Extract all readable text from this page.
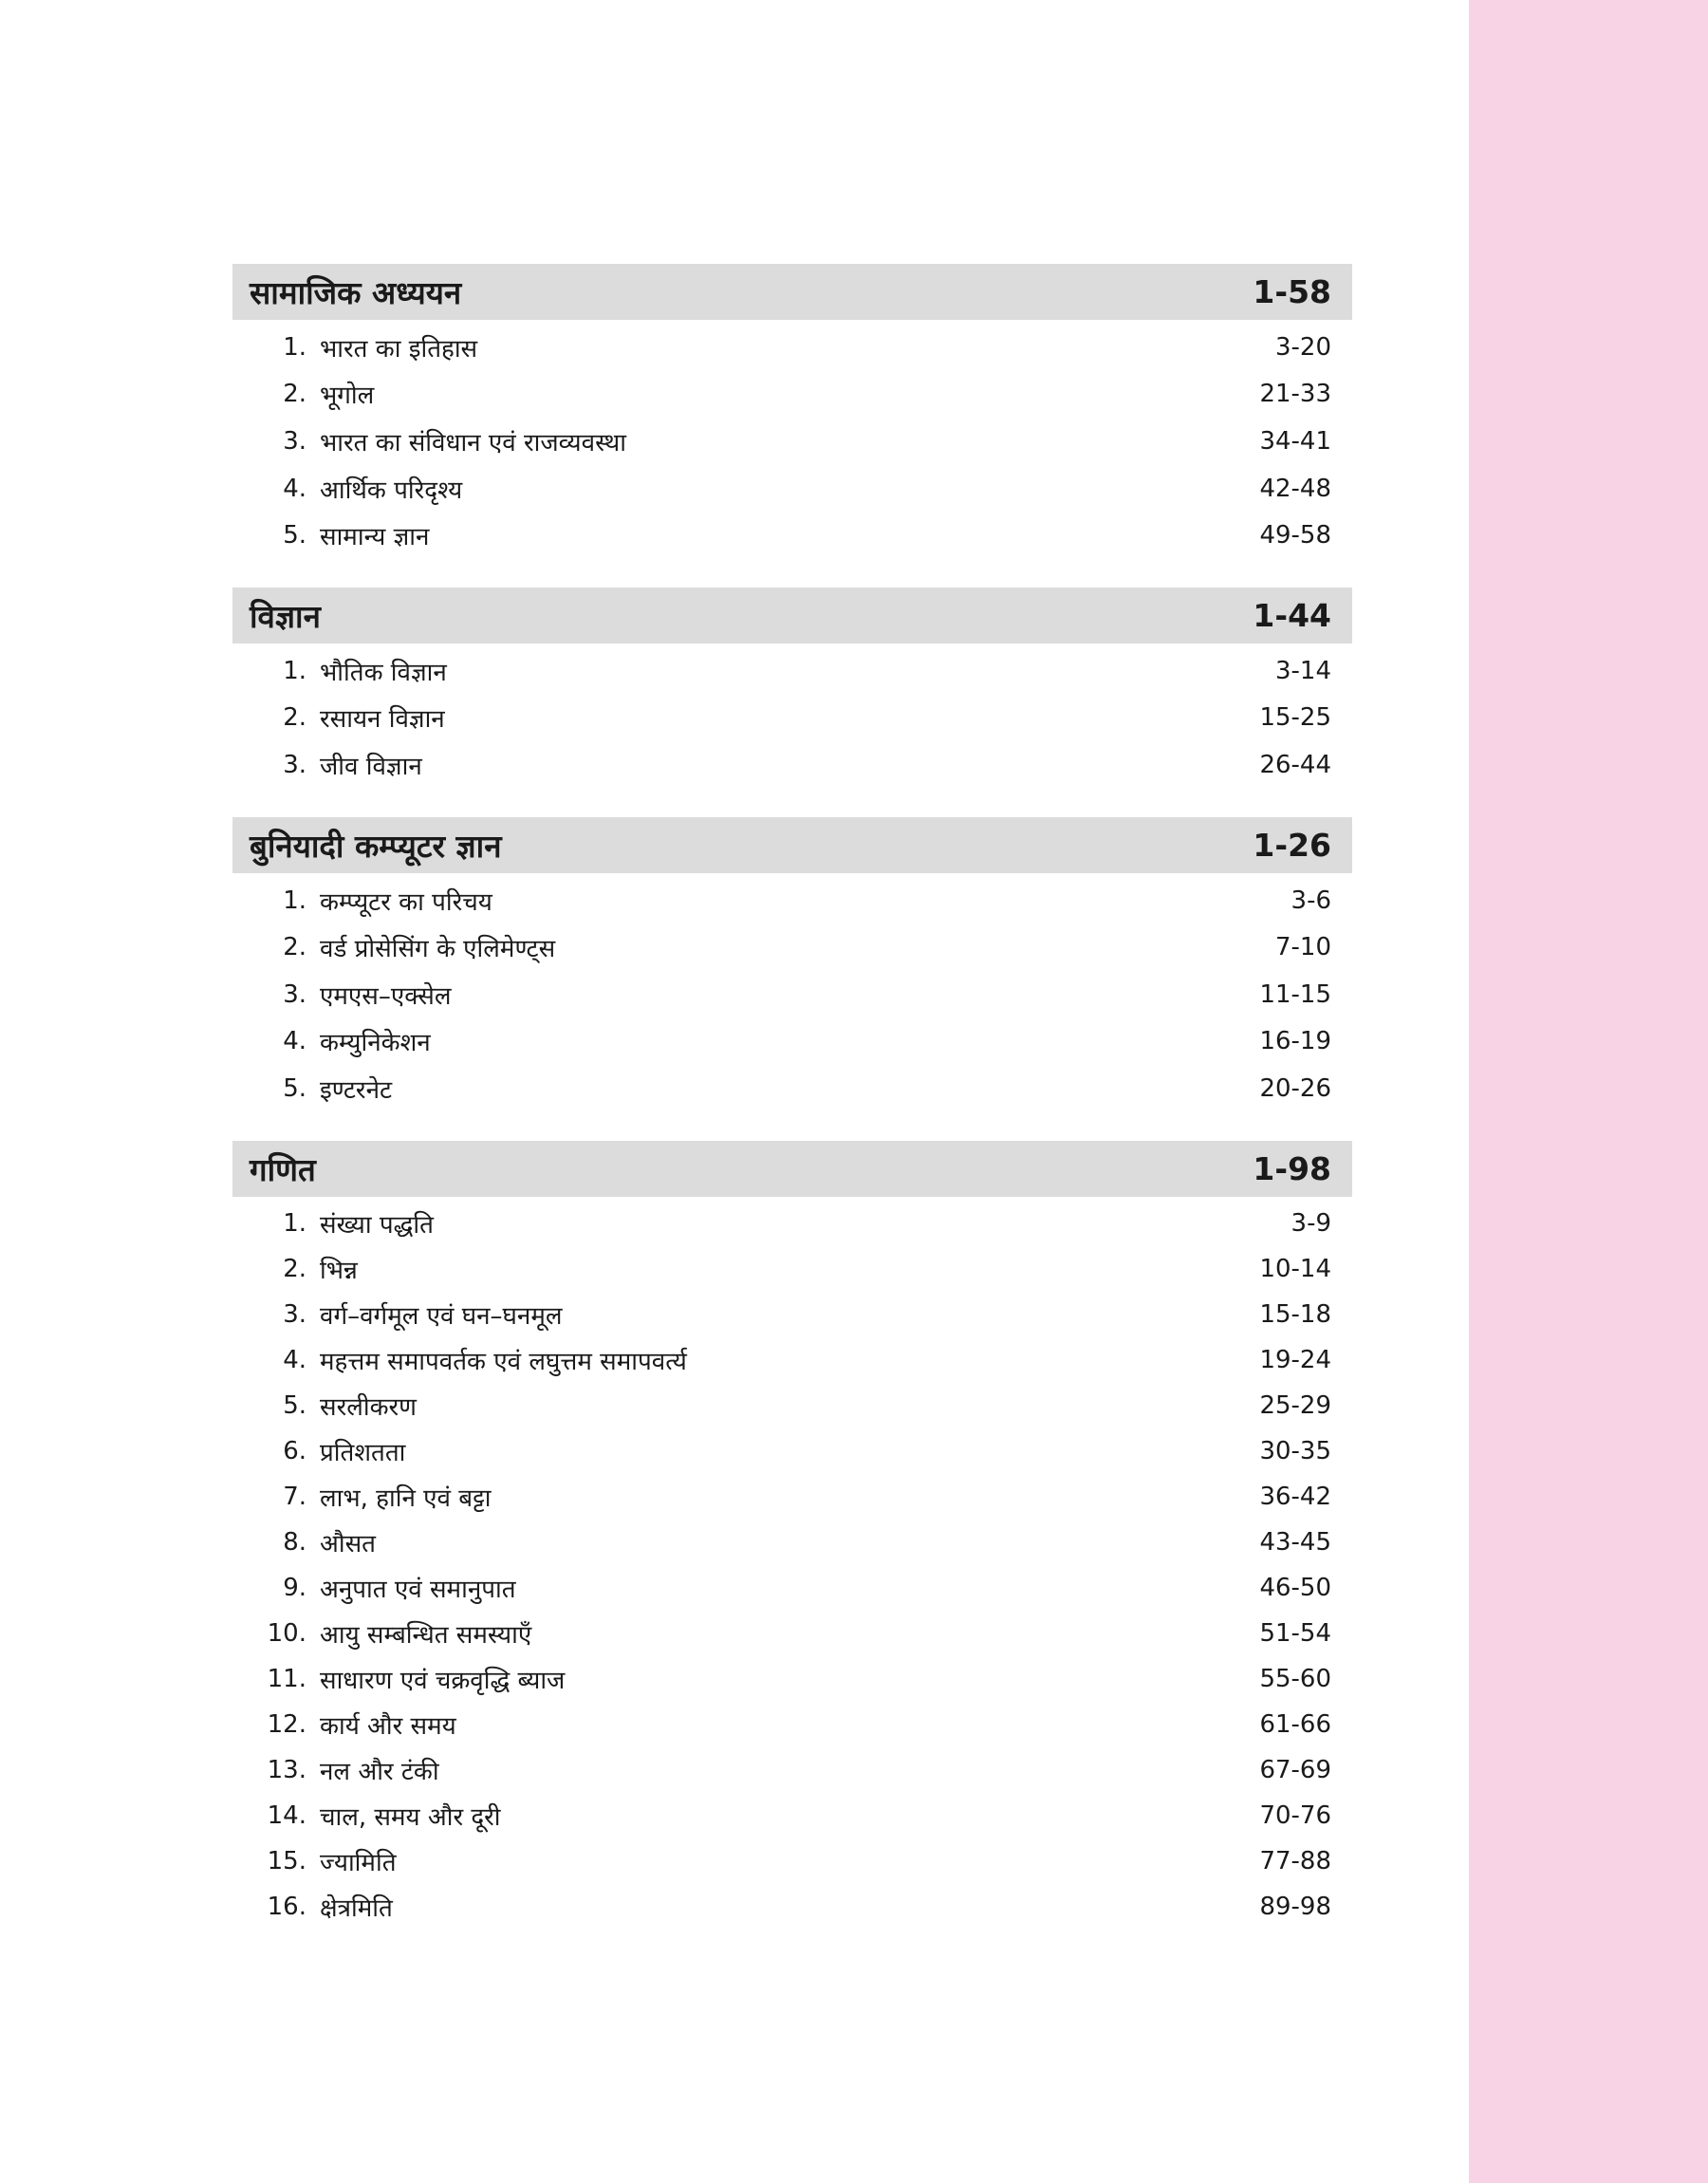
सामाजिक अध्ययन	1-58
1. भारत का इतिहास	3-20
2. भूगोल	21-33
3. भारत का संविधान एवं राजव्यवस्था	34-41
4. आर्थिक परिदृश्य	42-48
5. सामान्य ज्ञान	49-58
विज्ञान	1-44
1. भौतिक विज्ञान	3-14
2. रसायन विज्ञान	15-25
3. जीव विज्ञान	26-44
बुनियादी कम्प्यूटर ज्ञान	1-26
1. कम्प्यूटर का परिचय	3-6
2. वर्ड प्रोसेसिंग के एलिमेण्ट्स	7-10
3. एमएस–एक्सेल	11-15
4. कम्युनिकेशन	16-19
5. इण्टरनेट	20-26
गणित	1-98
1. संख्या पद्धति	3-9
2. भिन्न	10-14
3. वर्ग–वर्गमूल एवं घन–घनमूल	15-18
4. महत्तम समापवर्तक एवं लघुत्तम समापवर्त्य	19-24
5. सरलीकरण	25-29
6. प्रतिशतता	30-35
7. लाभ, हानि एवं बट्टा	36-42
8. औसत	43-45
9. अनुपात एवं समानुपात	46-50
10. आयु सम्बन्धित समस्याएँ	51-54
11. साधारण एवं चक्रवृद्धि ब्याज	55-60
12. कार्य और समय	61-66
13. नल और टंकी	67-69
14. चाल, समय और दूरी	70-76
15. ज्यामिति	77-88
16. क्षेत्रमिति	89-98
